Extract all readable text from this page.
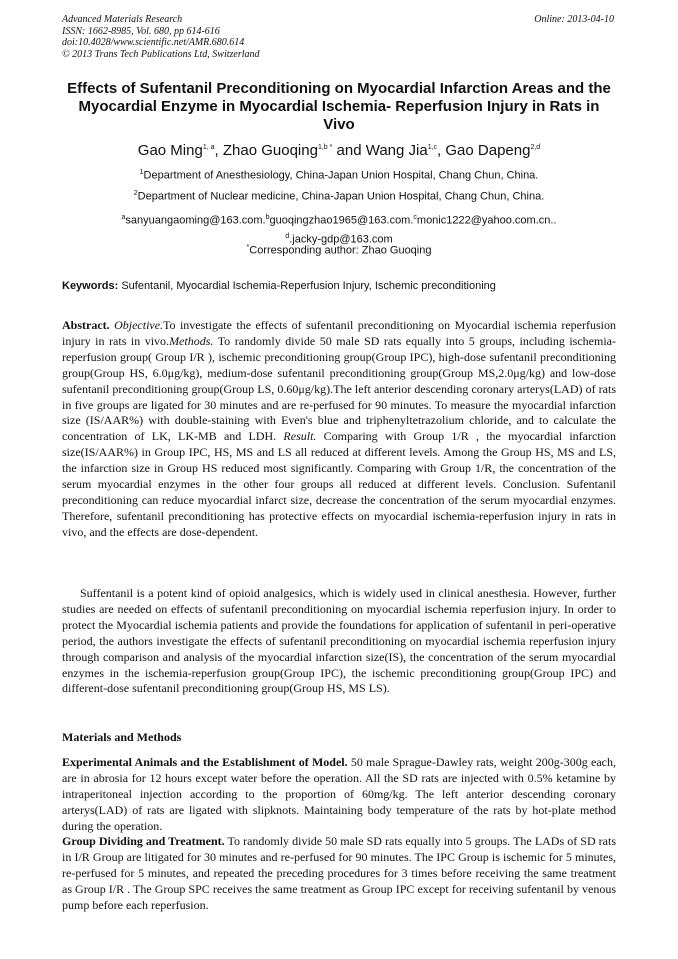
Advanced Materials Research
ISSN: 1662-8985, Vol. 680, pp 614-616
doi:10.4028/www.scientific.net/AMR.680.614
© 2013 Trans Tech Publications Ltd, Switzerland
Online: 2013-04-10
Effects of Sufentanil Preconditioning on Myocardial Infarction Areas and the Myocardial Enzyme in Myocardial Ischemia- Reperfusion Injury in Rats in Vivo
Gao Ming$^{1, a}$, Zhao Guoqing$^{1,b *}$ and Wang Jia$^{1,c}$, Gao Dapeng$^{2,d}$
$^1$Department of Anesthesiology, China-Japan Union Hospital, Chang Chun, China.
$^2$Department of Nuclear medicine, China-Japan Union Hospital, Chang Chun, China.
$^a$sanyuangaoming@163.com.$^b$guoqingzhao1965@163.com.$^c$monic1222@yahoo.com.cn..
$^d$.jacky-gdp@163.com
*Corresponding author: Zhao Guoqing
Keywords: Sufentanil, Myocardial Ischemia-Reperfusion Injury, Ischemic preconditioning

Abstract. Objective.To investigate the effects of sufentanil preconditioning on Myocardial ischemia reperfusion injury in rats in vivo.Methods. To randomly divide 50 male SD rats equally into 5 groups, including ischemia-reperfusion group( Group I/R ), ischemic preconditioning group(Group IPC), high-dose sufentanil preconditioning group(Group HS, 6.0μg/kg), medium-dose sufentanil preconditioning group(Group MS,2.0μg/kg) and low-dose sufentanil preconditioning group(Group LS, 0.60μg/kg).The left anterior descending coronary arterys(LAD) of rats in five groups are ligated for 30 minutes and are re-perfused for 90 minutes. To measure the myocardial infarction size (IS/AAR%) with double-staining with Even's blue and triphenyltetrazolium chloride, and to calculate the concentration of LK, LK-MB and LDH. Result. Comparing with Group 1/R , the myocardial infarction size(IS/AAR%) in Group IPC, HS, MS and LS all reduced at different levels. Among the Group HS, MS and LS, the infarction size in Group HS reduced most significantly. Comparing with Group 1/R, the concentration of the serum myocardial enzymes in the other four groups all reduced at different levels. Conclusion. Sufentanil preconditioning can reduce myocardial infarct size, decrease the concentration of the serum myocardial enzymes. Therefore, sufentanil preconditioning has protective effects on myocardial ischemia-reperfusion injury in rats in vivo, and the effects are dose-dependent.

Suffentanil is a potent kind of opioid analgesics, which is widely used in clinical anesthesia. However, further studies are needed on effects of sufentanil preconditioning on myocardial ischemia reperfusion injury. In order to protect the Myocardial ischemia patients and provide the foundations for application of sufentanil in peri-operative period, the authors investigate the effects of sufentanil preconditioning on myocardial ischemia reperfusion injury through comparison and analysis of the myocardial infarction size(IS), the concentration of the serum myocardial enzymes in the ischemia-reperfusion group(Group IPC), the ischemic preconditioning group(Group IPC) and different-dose sufentanil preconditioning group(Group HS, MS LS).

Materials and Methods

Experimental Animals and the Establishment of Model. 50 male Sprague-Dawley rats, weight 200g-300g each, are in abrosia for 12 hours except water before the operation. All the SD rats are injected with 0.5% ketamine by intraperitoneal injection according to the proportion of 60mg/kg. The left anterior descending coronary arterys(LAD) of rats are ligated with slipknots. Maintaining body temperature of the rats by hot-plate method during the operation.

Group Dividing and Treatment. To randomly divide 50 male SD rats equally into 5 groups. The LADs of SD rats in I/R Group are litigated for 30 minutes and re-perfused for 90 minutes. The IPC Group is ischemic for 5 minutes, re-perfused for 5 minutes, and repeated the preceding procedures for 3 times before receiving the same treatment as Group I/R . The Group SPC receives the same treatment as Group IPC except for receiving sufentanil by venous pump before each reperfusion.
